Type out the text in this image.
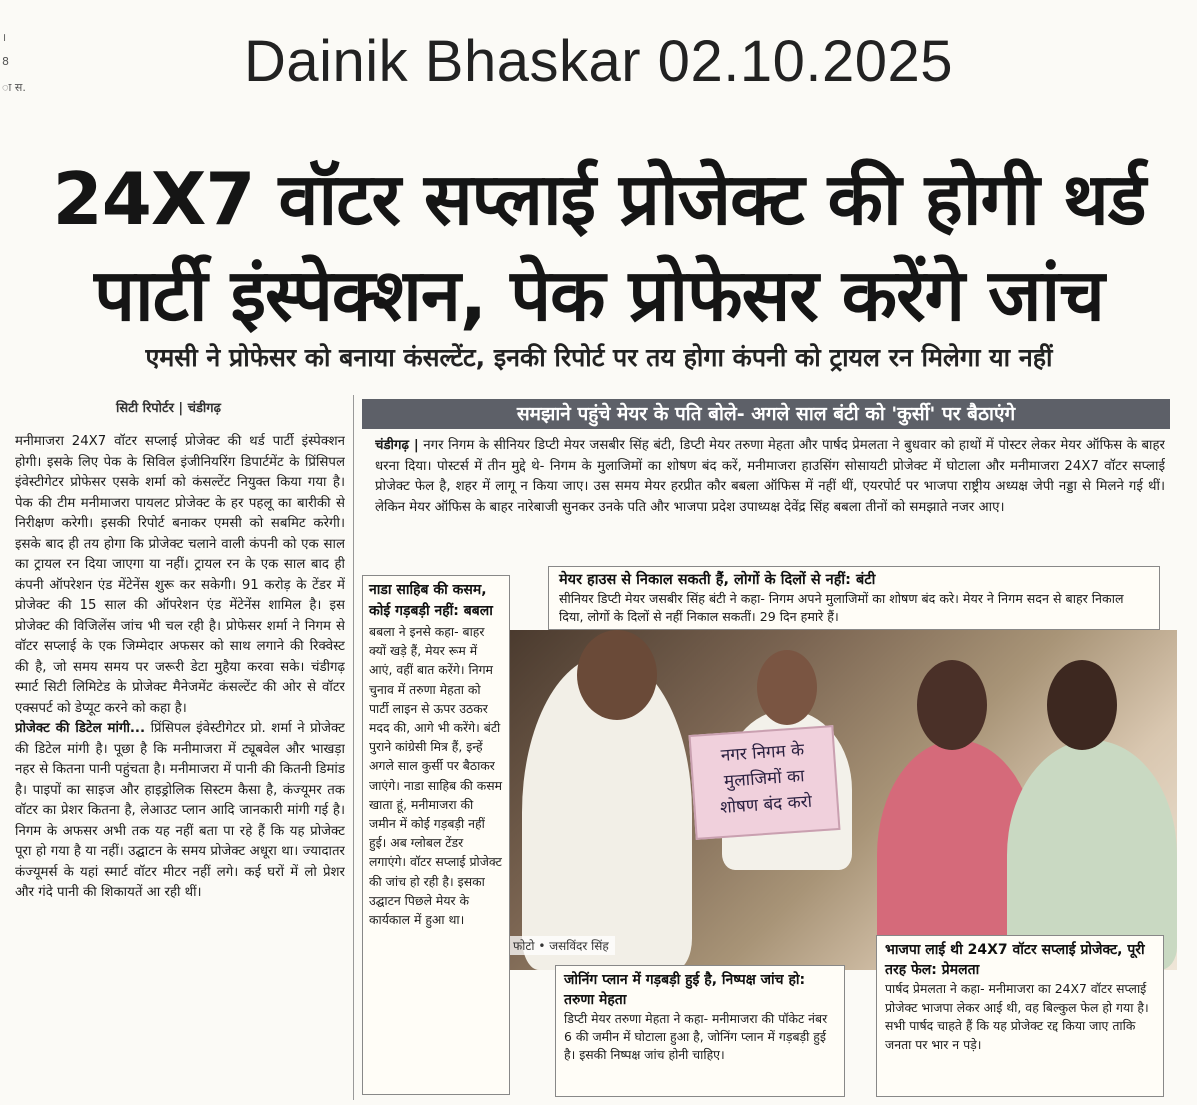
Dainik Bhaskar 02.10.2025
।
8
ा स.
24X7 वॉटर सप्लाई प्रोजेक्ट की होगी थर्ड
पार्टी इंस्पेक्शन, पेक प्रोफेसर करेंगे जांच
एमसी ने प्रोफेसर को बनाया कंसल्टेंट, इनकी रिपोर्ट पर तय होगा कंपनी को ट्रायल रन मिलेगा या नहीं
सिटी रिपोर्टर | चंडीगढ़

मनीमाजरा 24X7 वॉटर सप्लाई प्रोजेक्ट की थर्ड पार्टी इंस्पेक्शन होगी। इसके लिए पेक के सिविल इंजीनियरिंग डिपार्टमेंट के प्रिंसिपल इंवेस्टीगेटर प्रोफेसर एसके शर्मा को कंसल्टेंट नियुक्त किया गया है। पेक की टीम मनीमाजरा पायलट प्रोजेक्ट के हर पहलू का बारीकी से निरीक्षण करेगी। इसकी रिपोर्ट बनाकर एमसी को सबमिट करेगी। इसके बाद ही तय होगा कि प्रोजेक्ट चलाने वाली कंपनी को एक साल का ट्रायल रन दिया जाएगा या नहीं। ट्रायल रन के एक साल बाद ही कंपनी ऑपरेशन एंड मेंटेनेंस शुरू कर सकेगी। 91 करोड़ के टेंडर में प्रोजेक्ट की 15 साल की ऑपरेशन एंड मेंटेनेंस शामिल है। इस प्रोजेक्ट की विजिलेंस जांच भी चल रही है। प्रोफेसर शर्मा ने निगम से वॉटर सप्लाई के एक जिम्मेदार अफसर को साथ लगाने की रिक्वेस्ट की है, जो समय समय पर जरूरी डेटा मुहैया करवा सके। चंडीगढ़ स्मार्ट सिटी लिमिटेड के प्रोजेक्ट मैनेजमेंट कंसल्टेंट की ओर से वॉटर एक्सपर्ट को डेप्यूट करने को कहा है।

प्रोजेक्ट की डिटेल मांगी... प्रिंसिपल इंवेस्टीगेटर प्रो. शर्मा ने प्रोजेक्ट की डिटेल मांगी है। पूछा है कि मनीमाजरा में ट्यूबवेल और भाखड़ा नहर से कितना पानी पहुंचता है। मनीमाजरा में पानी की कितनी डिमांड है। पाइपों का साइज और हाइड्रोलिक सिस्टम कैसा है, कंज्यूमर तक वॉटर का प्रेशर कितना है, लेआउट प्लान आदि जानकारी मांगी गई है। निगम के अफसर अभी तक यह नहीं बता पा रहे हैं कि यह प्रोजेक्ट पूरा हो गया है या नहीं। उद्घाटन के समय प्रोजेक्ट अधूरा था। ज्यादातर कंज्यूमर्स के यहां स्मार्ट वॉटर मीटर नहीं लगे। कई घरों में लो प्रेशर और गंदे पानी की शिकायतें आ रही थीं।

समझाने पहुंचे मेयर के पति बोले- अगले साल बंटी को 'कुर्सी' पर बैठाएंगे
चंडीगढ़ | नगर निगम के सीनियर डिप्टी मेयर जसबीर सिंह बंटी, डिप्टी मेयर तरुणा मेहता और पार्षद प्रेमलता ने बुधवार को हाथों में पोस्टर लेकर मेयर ऑफिस के बाहर धरना दिया। पोस्टर्स में तीन मुद्दे थे- निगम के मुलाजिमों का शोषण बंद करें, मनीमाजरा हाउसिंग सोसायटी प्रोजेक्ट में घोटाला और मनीमाजरा 24X7 वॉटर सप्लाई प्रोजेक्ट फेल है, शहर में लागू न किया जाए। उस समय मेयर हरप्रीत कौर बबला ऑफिस में नहीं थीं, एयरपोर्ट पर भाजपा राष्ट्रीय अध्यक्ष जेपी नड्डा से मिलने गई थीं। लेकिन मेयर ऑफिस के बाहर नारेबाजी सुनकर उनके पति और भाजपा प्रदेश उपाध्यक्ष देवेंद्र सिंह बबला तीनों को समझाते नजर आए।
नगर निगम के
मुलाजिमों का
शोषण बंद करो
फोटो • जसविंदर सिंह
मेयर हाउस से निकाल सकती हैं, लोगों के दिलों से नहीं: बंटी
सीनियर डिप्टी मेयर जसबीर सिंह बंटी ने कहा- निगम अपने मुलाजिमों का शोषण बंद करे। मेयर ने निगम सदन से बाहर निकाल दिया, लोगों के दिलों से नहीं निकाल सकतीं। 29 दिन हमारे हैं।
नाडा साहिब की कसम, कोई गड़बड़ी नहीं: बबला
बबला ने इनसे कहा- बाहर क्यों खड़े हैं, मेयर रूम में आएं, वहीं बात करेंगे। निगम चुनाव में तरुणा मेहता को पार्टी लाइन से ऊपर उठकर मदद की, आगे भी करेंगे। बंटी पुराने कांग्रेसी मित्र हैं, इन्हें अगले साल कुर्सी पर बैठाकर जाएंगे। नाडा साहिब की कसम खाता हूं, मनीमाजरा की जमीन में कोई गड़बड़ी नहीं हुई। अब ग्लोबल टेंडर लगाएंगे। वॉटर सप्लाई प्रोजेक्ट की जांच हो रही है। इसका उद्घाटन पिछले मेयर के कार्यकाल में हुआ था।
जोनिंग प्लान में गड़बड़ी हुई है, निष्पक्ष जांच हो: तरुणा मेहता
डिप्टी मेयर तरुणा मेहता ने कहा- मनीमाजरा की पॉकेट नंबर 6 की जमीन में घोटाला हुआ है, जोनिंग प्लान में गड़बड़ी हुई है। इसकी निष्पक्ष जांच होनी चाहिए।
भाजपा लाई थी 24X7 वॉटर सप्लाई प्रोजेक्ट, पूरी तरह फेल: प्रेमलता
पार्षद प्रेमलता ने कहा- मनीमाजरा का 24X7 वॉटर सप्लाई प्रोजेक्ट भाजपा लेकर आई थी, वह बिल्कुल फेल हो गया है। सभी पार्षद चाहते हैं कि यह प्रोजेक्ट रद्द किया जाए ताकि जनता पर भार न पड़े।
